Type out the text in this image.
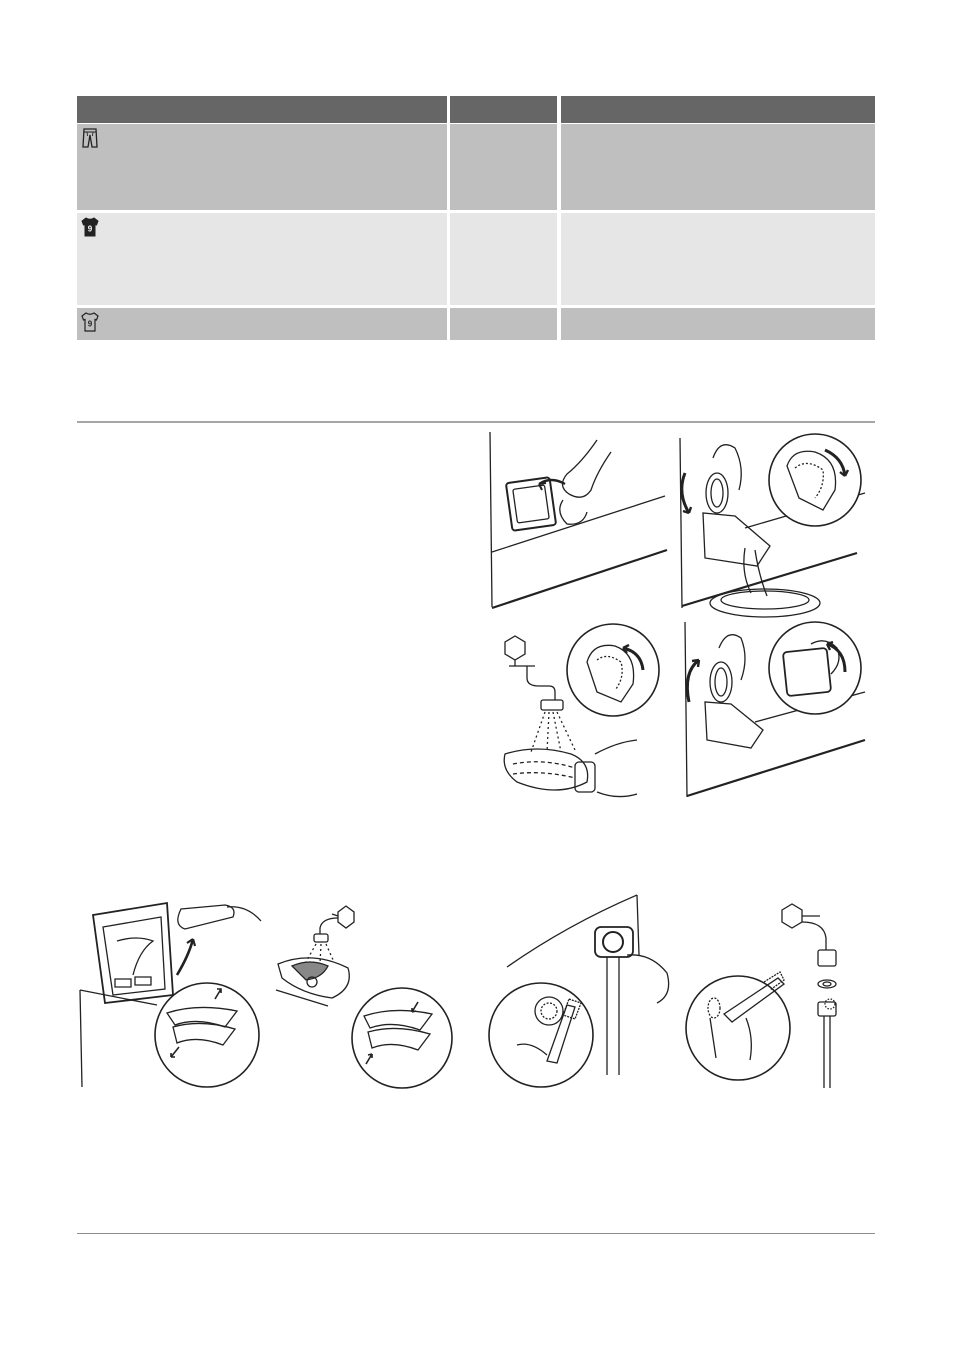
9
9
